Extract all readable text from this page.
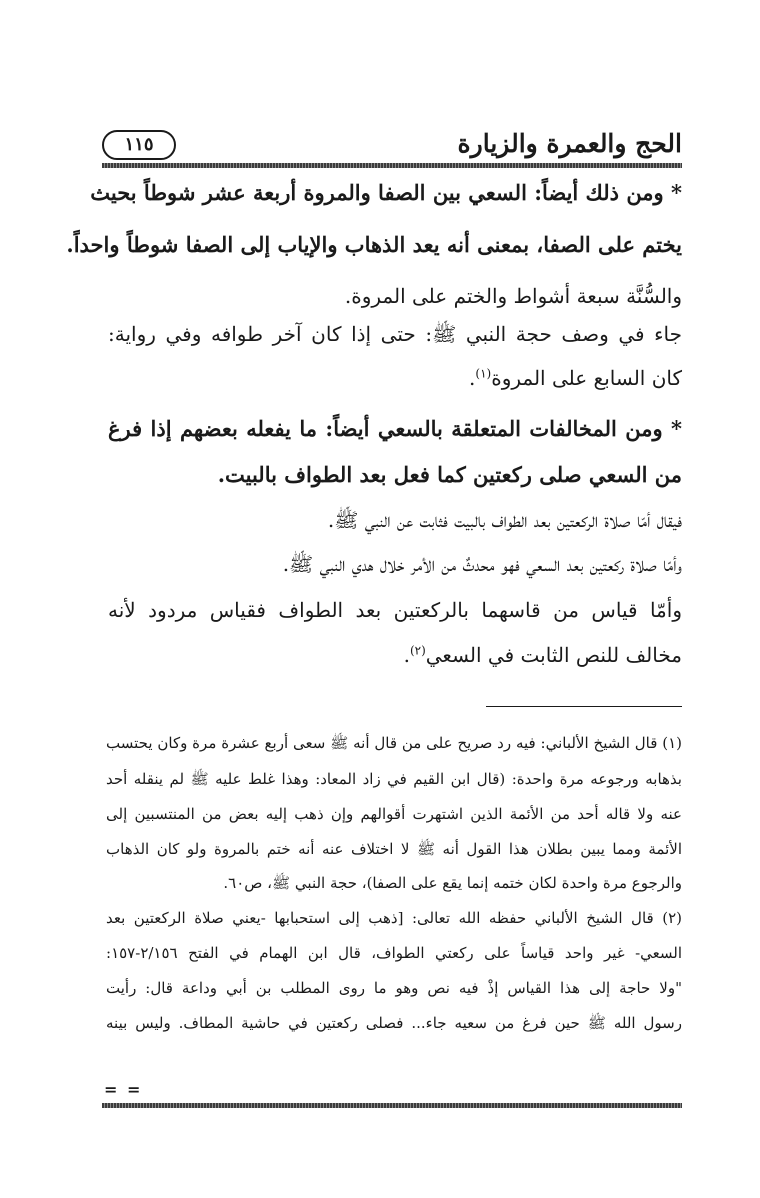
الحج والعمرة والزيارة
١١٥
* ومن ذلك أيضاً: السعي بين الصفا والمروة أربعة عشر شوطاً بحيث
يختم على الصفا، بمعنى أنه يعد الذهاب والإياب إلى الصفا شوطاً واحداً.
والسُّنَّة سبعة أشواط والختم على المروة.
جاء في وصف حجة النبي ﷺ: حتى إذا كان آخر طوافه وفي رواية:
كان السابع على المروة$^{(١)}$.
* ومن المخالفات المتعلقة بالسعي أيضاً: ما يفعله بعضهم إذا فرغ
من السعي صلى ركعتين كما فعل بعد الطواف بالبيت.
فيقال أمّا صلاة الركعتين بعد الطواف بالبيت فثابت عن النبي ﷺ.
وأمّا صلاة ركعتين بعد السعي فهو محدثٌ من الأمر خلال هدي النبي ﷺ.
وأمّا قياس من قاسهما بالركعتين بعد الطواف فقياس مردود لأنه
مخالف للنص الثابت في السعي$^{(٢)}$.
(١) قال الشيخ الألباني: فيه رد صريح على من قال أنه ﷺ سعى أربع عشرة مرة وكان يحتسب
بذهابه ورجوعه مرة واحدة: (قال ابن القيم في زاد المعاد: وهذا غلط عليه ﷺ لم ينقله أحد
عنه ولا قاله أحد من الأئمة الذين اشتهرت أقوالهم وإن ذهب إليه بعض من المنتسبين إلى
الأئمة ومما يبين بطلان هذا القول أنه ﷺ لا اختلاف عنه أنه ختم بالمروة ولو كان الذهاب
والرجوع مرة واحدة لكان ختمه إنما يقع على الصفا)، حجة النبي ﷺ، ص٦٠.
(٢) قال الشيخ الألباني حفظه الله تعالى: [ذهب إلى استحبابها -يعني صلاة الركعتين بعد
السعي- غير واحد قياساً على ركعتي الطواف، قال ابن الهمام في الفتح ٢/١٥٦-١٥٧:
"ولا حاجة إلى هذا القياس إذْ فيه نص وهو ما روى المطلب بن أبي وداعة قال: رأيت
رسول الله ﷺ حين فرغ من سعيه جاء... فصلى ركعتين في حاشية المطاف. وليس بينه
= =
